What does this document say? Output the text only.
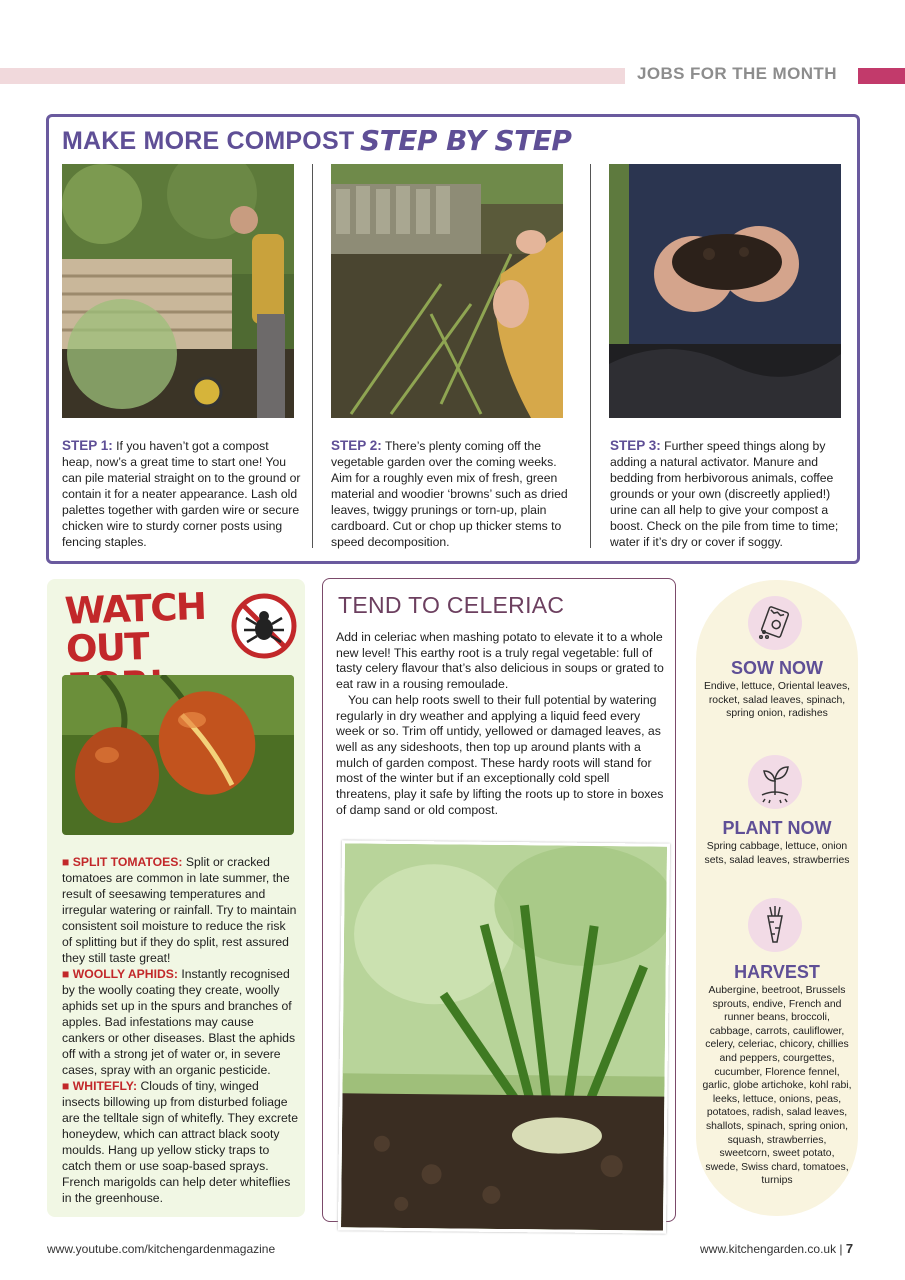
JOBS FOR THE MONTH
MAKE MORE COMPOST STEP BY STEP
STEP 1: If you haven’t got a compost heap, now’s a great time to start one! You can pile material straight on to the ground or contain it for a neater appearance. Lash old palettes together with garden wire or secure chicken wire to sturdy corner posts using fencing staples.
STEP 2: There’s plenty coming off the vegetable garden over the coming weeks. Aim for a roughly even mix of fresh, green material and woodier ‘browns’ such as dried leaves, twiggy prunings or torn-up, plain cardboard. Cut or chop up thicker stems to speed decomposition.
STEP 3: Further speed things along by adding a natural activator. Manure and bedding from herbivorous animals, coffee grounds or your own (discreetly applied!) urine can all help to give your compost a boost. Check on the pile from time to time; water if it’s dry or cover if soggy.
WATCH
OUT
■ SPLIT TOMATOES: Split or cracked tomatoes are common in late summer, the result of seesawing temperatures and irregular watering or rainfall. Try to maintain consistent soil moisture to reduce the risk of splitting but if they do split, rest assured they still taste great!
■ WOOLLY APHIDS: Instantly recognised by the woolly coating they create, woolly aphids set up in the spurs and branches of apples. Bad infestations may cause cankers or other diseases. Blast the aphids off with a strong jet of water or, in severe cases, spray with an organic pesticide.
■ WHITEFLY: Clouds of tiny, winged insects billowing up from disturbed foliage are the telltale sign of whitefly. They excrete honeydew, which can attract black sooty moulds. Hang up yellow sticky traps to catch them or use soap-based sprays. French marigolds can help deter whiteflies in the greenhouse.
TEND TO CELERIAC

Add in celeriac when mashing potato to elevate it to a whole new level! This earthy root is a truly regal vegetable: full of tasty celery flavour that’s also delicious in soups or grated to eat raw in a rousing remoulade.

You can help roots swell to their full potential by watering regularly in dry weather and applying a liquid feed every week or so. Trim off untidy, yellowed or damaged leaves, as well as any sideshoots, then top up around plants with a mulch of garden compost. These hardy roots will stand for most of the winter but if an exceptionally cold spell threatens, play it safe by lifting the roots up to store in boxes of damp sand or old compost.

SOW NOW
Endive, lettuce, Oriental leaves, rocket, salad leaves, spinach, spring onion, radishes
PLANT NOW
Spring cabbage, lettuce, onion sets, salad leaves, strawberries
HARVEST
Aubergine, beetroot, Brussels sprouts, endive, French and runner beans, broccoli, cabbage, carrots, cauliflower, celery, celeriac, chicory, chillies and peppers, courgettes, cucumber, Florence fennel, garlic, globe artichoke, kohl rabi, leeks, lettuce, onions, peas, potatoes, radish, salad leaves, shallots, spinach, spring onion, squash, strawberries, sweetcorn, sweet potato, swede, Swiss chard, tomatoes, turnips
www.youtube.com/kitchengardenmagazine	www.kitchengarden.co.uk | 7
